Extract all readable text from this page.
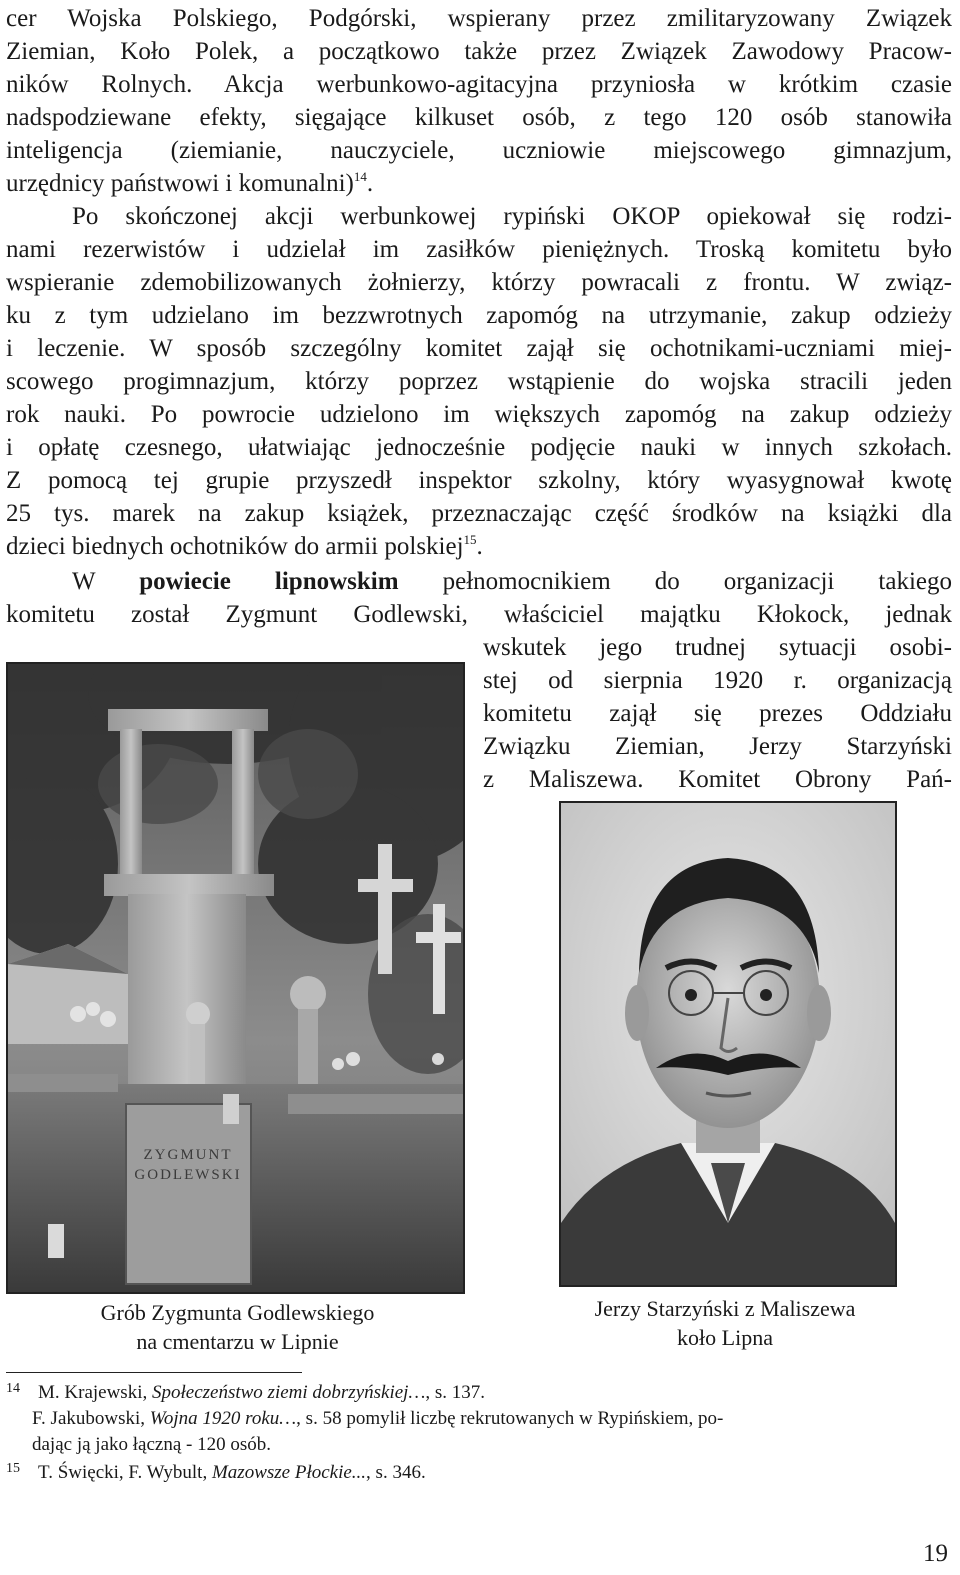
cer Wojska Polskiego, Podgórski, wspierany przez zmilitaryzowany Związek
Ziemian, Koło Polek, a początkowo także przez Związek Zawodowy Pracow-
ników Rolnych. Akcja werbunkowo-agitacyjna przyniosła w krótkim czasie
nadspodziewane efekty, sięgające kilkuset osób, z tego 120 osób stanowiła
inteligencja (ziemianie, nauczyciele, uczniowie miejscowego gimnazjum,
urzędnicy państwowi i komunalni)$^{14}$.
Po skończonej akcji werbunkowej rypiński OKOP opiekował się rodzi-
nami rezerwistów i udzielał im zasiłków pieniężnych. Troską komitetu było
wspieranie zdemobilizowanych żołnierzy, którzy powracali z frontu. W związ-
ku z tym udzielano im bezzwrotnych zapomóg na utrzymanie, zakup odzieży
i leczenie. W sposób szczególny komitet zajął się ochotnikami-uczniami miej-
scowego progimnazjum, którzy poprzez wstąpienie do wojska stracili jeden
rok nauki. Po powrocie udzielono im większych zapomóg na zakup odzieży
i opłatę czesnego, ułatwiając jednocześnie podjęcie nauki w innych szkołach.
Z pomocą tej grupie przyszedł inspektor szkolny, który wyasygnował kwotę
25 tys. marek na zakup książek, przeznaczając część środków na książki dla
dzieci biednych ochotników do armii polskiej$^{15}$.
W powiecie lipnowskim pełnomocnikiem do organizacji takiego
komitetu został Zygmunt Godlewski, właściciel majątku Kłokock, jednak
wskutek jego trudnej sytuacji osobi-
stej od sierpnia 1920 r. organizacją
komitetu zajął się prezes Oddziału
Związku Ziemian, Jerzy Starzyński
z Maliszewa. Komitet Obrony Pań-
ZYGMUNT
GODLEWSKI
Grób Zygmunta Godlewskiego
na cmentarzu w Lipnie
Jerzy Starzyński z Maliszewa
koło Lipna
14 M. Krajewski, Społeczeństwo ziemi dobrzyńskiej…, s. 137.
F. Jakubowski, Wojna 1920 roku…, s. 58 pomylił liczbę rekrutowanych w Rypińskiem, po-
dając ją jako łączną - 120 osób.
15 T. Święcki, F. Wybult, Mazowsze Płockie..., s. 346.
19
